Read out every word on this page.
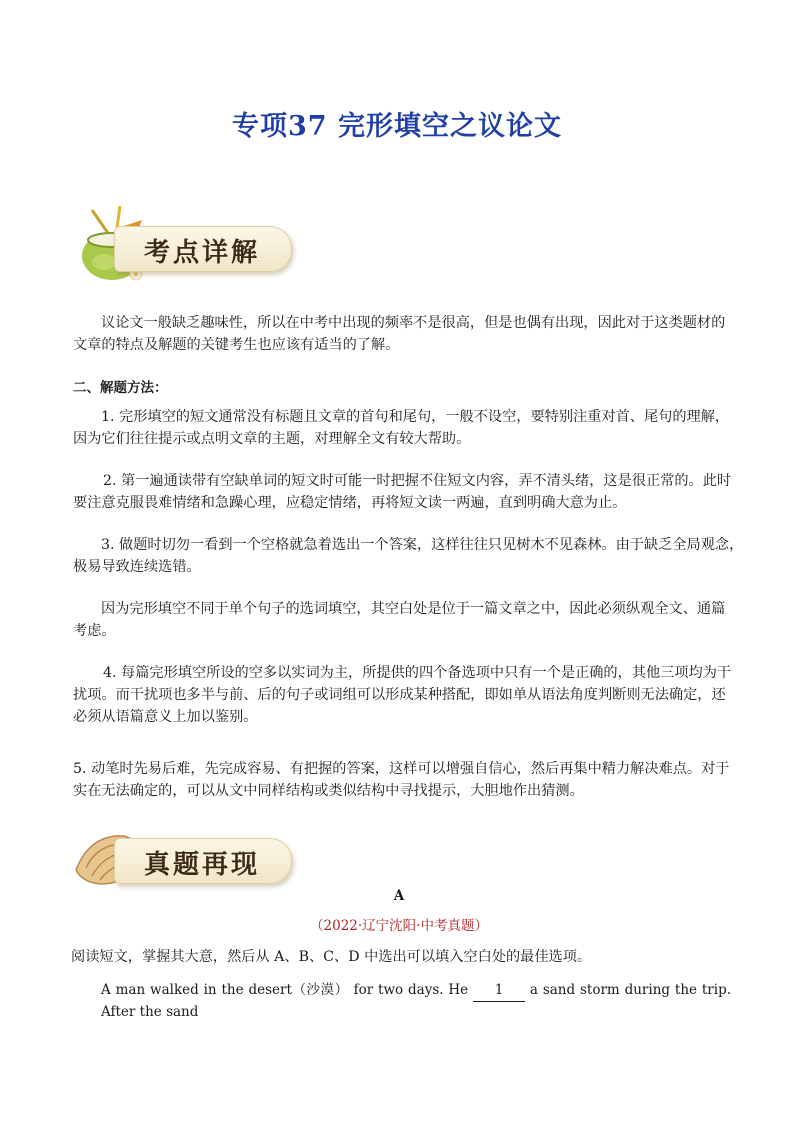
专项37 完形填空之议论文
考点详解

议论文一般缺乏趣味性，所以在中考中出现的频率不是很高，但是也偶有出现，因此对于这类题材的
文章的特点及解题的关键考生也应该有适当的了解。

二、解题方法：

1. 完形填空的短文通常没有标题且文章的首句和尾句，一般不设空，要特别注重对首、尾句的理解，
因为它们往往提示或点明文章的主题，对理解全文有较大帮助。

2. 第一遍通读带有空缺单词的短文时可能一时把握不住短文内容，弄不清头绪，这是很正常的。此时
要注意克服畏难情绪和急躁心理，应稳定情绪，再将短文读一两遍，直到明确大意为止。

3. 做题时切勿一看到一个空格就急着选出一个答案，这样往往只见树木不见森林。由于缺乏全局观念，
极易导致连续选错。

因为完形填空不同于单个句子的选词填空，其空白处是位于一篇文章之中，因此必须纵观全文、通篇
考虑。

4. 每篇完形填空所设的空多以实词为主，所提供的四个备选项中只有一个是正确的，其他三项均为干
扰项。而干扰项也多半与前、后的句子或词组可以形成某种搭配，即如单从语法角度判断则无法确定，还
必须从语篇意义上加以鉴别。

5. 动笔时先易后难，先完成容易、有把握的答案，这样可以增强自信心，然后再集中精力解决难点。对于
实在无法确定的，可以从文中同样结构或类似结构中寻找提示，大胆地作出猜测。

真题再现

A

（2022·辽宁沈阳·中考真题）

阅读短文，掌握其大意，然后从 A、B、C、D 中选出可以填入空白处的最佳选项。

A man walked in the desert（沙漠） for two days. He 1 a sand storm during the trip. After the sand
